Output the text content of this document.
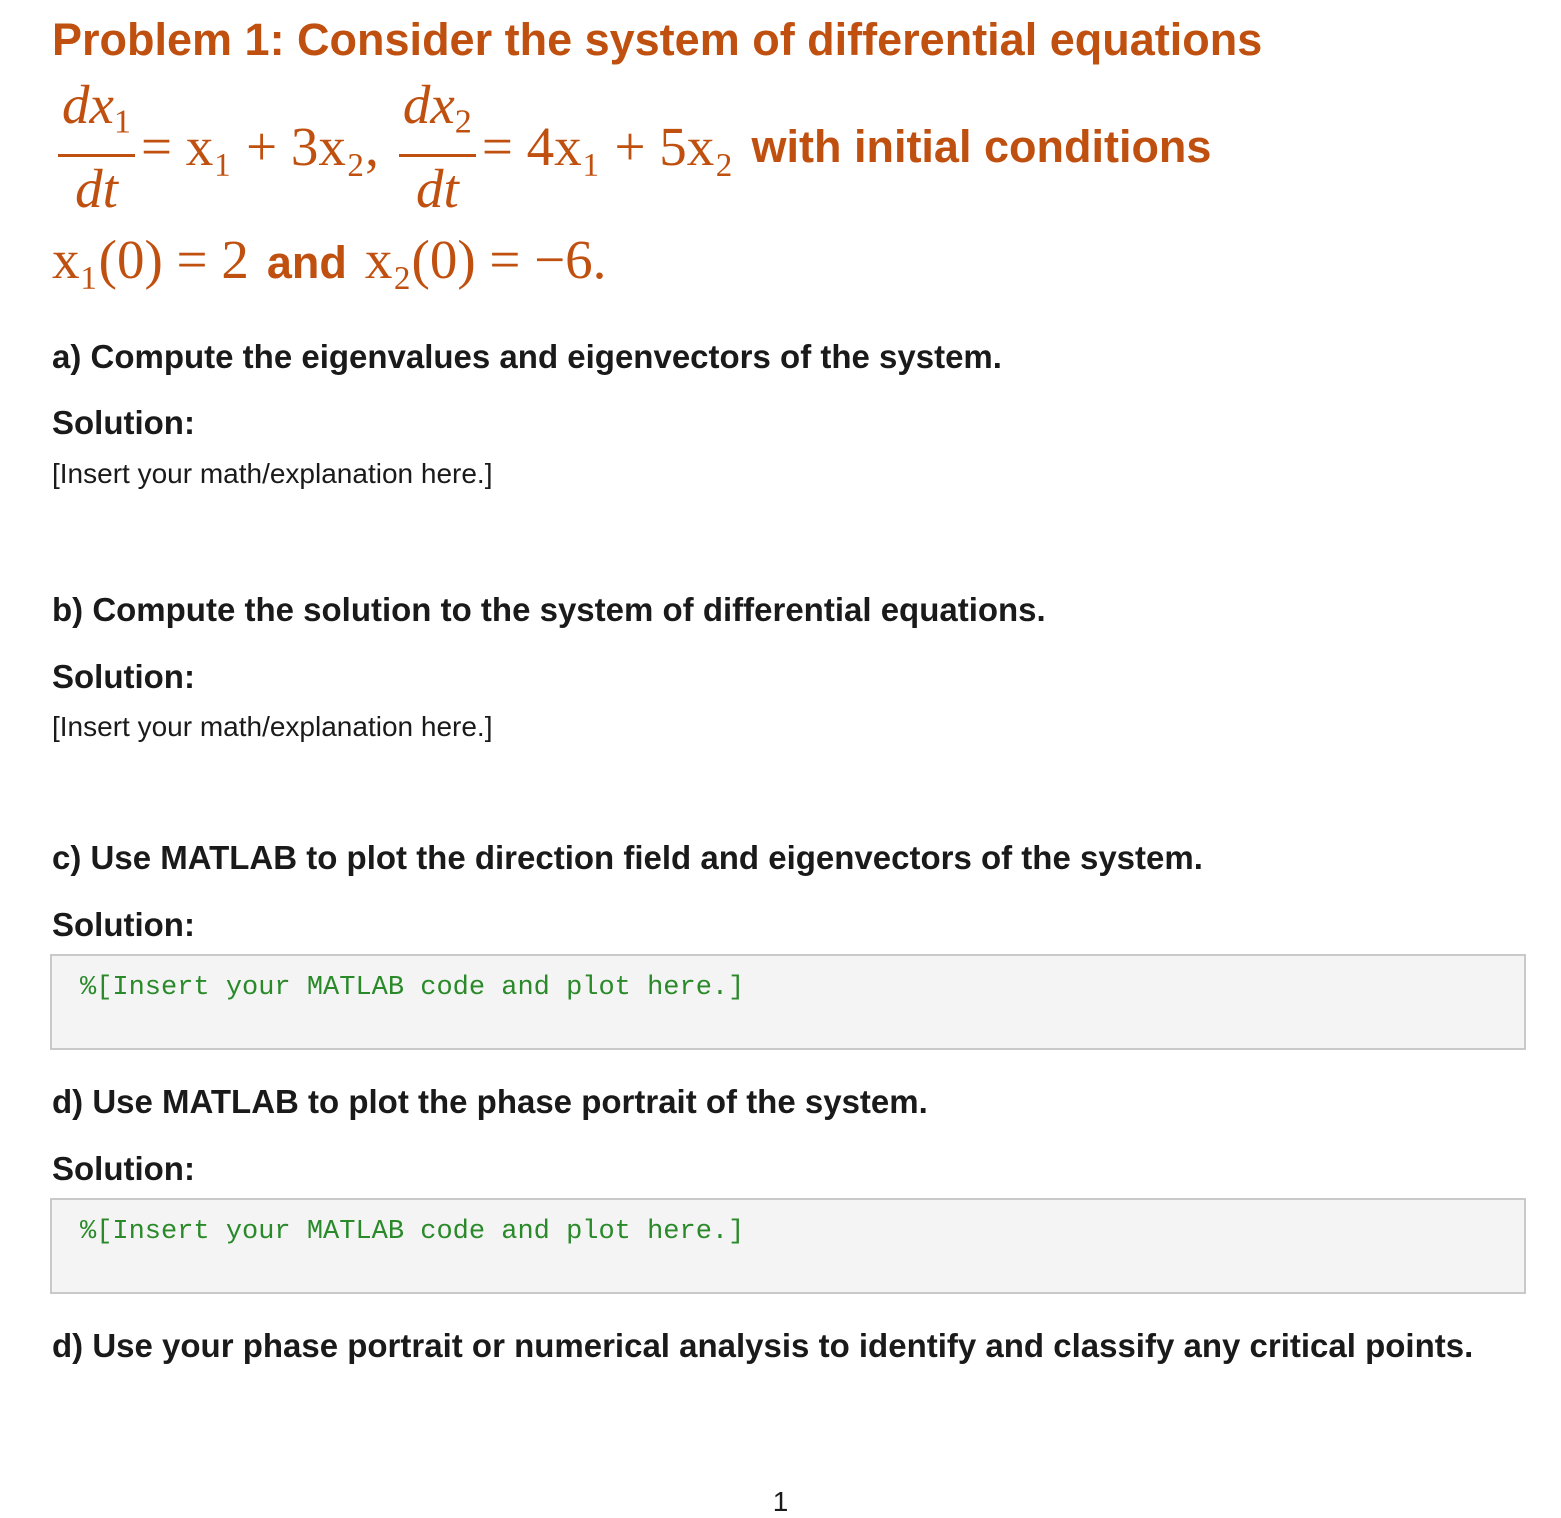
Problem 1: Consider the system of differential equations
$\frac{dx_1}{dt} = x_1 + 3x_2$, $\frac{dx_2}{dt} = 4x_1 + 5x_2$ with initial conditions
x₁(0) = 2 and x₂(0) = −6.
a) Compute the eigenvalues and eigenvectors of the system.
Solution:
[Insert your math/explanation here.]
b) Compute the solution to the system of differential equations.
Solution:
[Insert your math/explanation here.]
c) Use MATLAB to plot the direction field and eigenvectors of the system.
Solution:
%[Insert your MATLAB code and plot here.]
d) Use MATLAB to plot the phase portrait of the system.
Solution:
%[Insert your MATLAB code and plot here.]
d) Use your phase portrait or numerical analysis to identify and classify any critical points.
1
